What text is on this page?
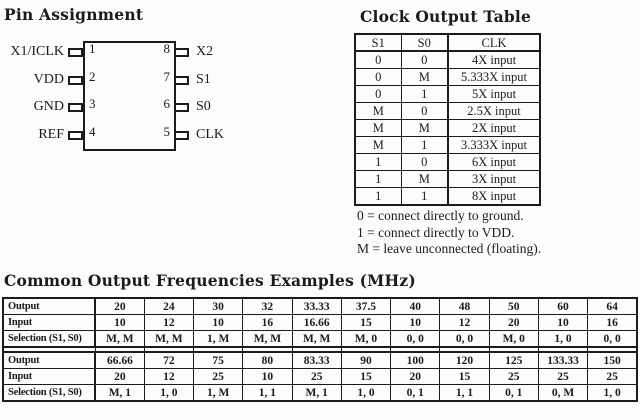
Pin Assignment
X1/ICLK 1
VDD 2
GND 3
REF 4
8 X2
7 S1
6 S0
5 CLK
Clock Output Table
S1	S0	CLK
0	0	4X input
0	M	5.333X input
0	1	5X input
M	0	2.5X input
M	M	2X input
M	1	3.333X input
1	0	6X input
1	M	3X input
1	1	8X input
0 = connect directly to ground.
1 = connect directly to VDD.
M = leave unconnected (floating).
Common Output Frequencies Examples (MHz)
Output	20	24	30	32	33.33	37.5	40	48	50	60	64
Input	10	12	10	16	16.66	15	10	12	20	10	16
Selection (S1, S0)	M, M	M, M	1, M	M, M	M, M	M, 0	0, 0	0, 0	M, 0	1, 0	0, 0

Output	66.66	72	75	80	83.33	90	100	120	125	133.33	150
Input	20	12	25	10	25	15	20	15	25	25	25
Selection (S1, S0)	M, 1	1, 0	1, M	1, 1	M, 1	1, 0	0, 1	1, 1	0, 1	0, M	1, 0
